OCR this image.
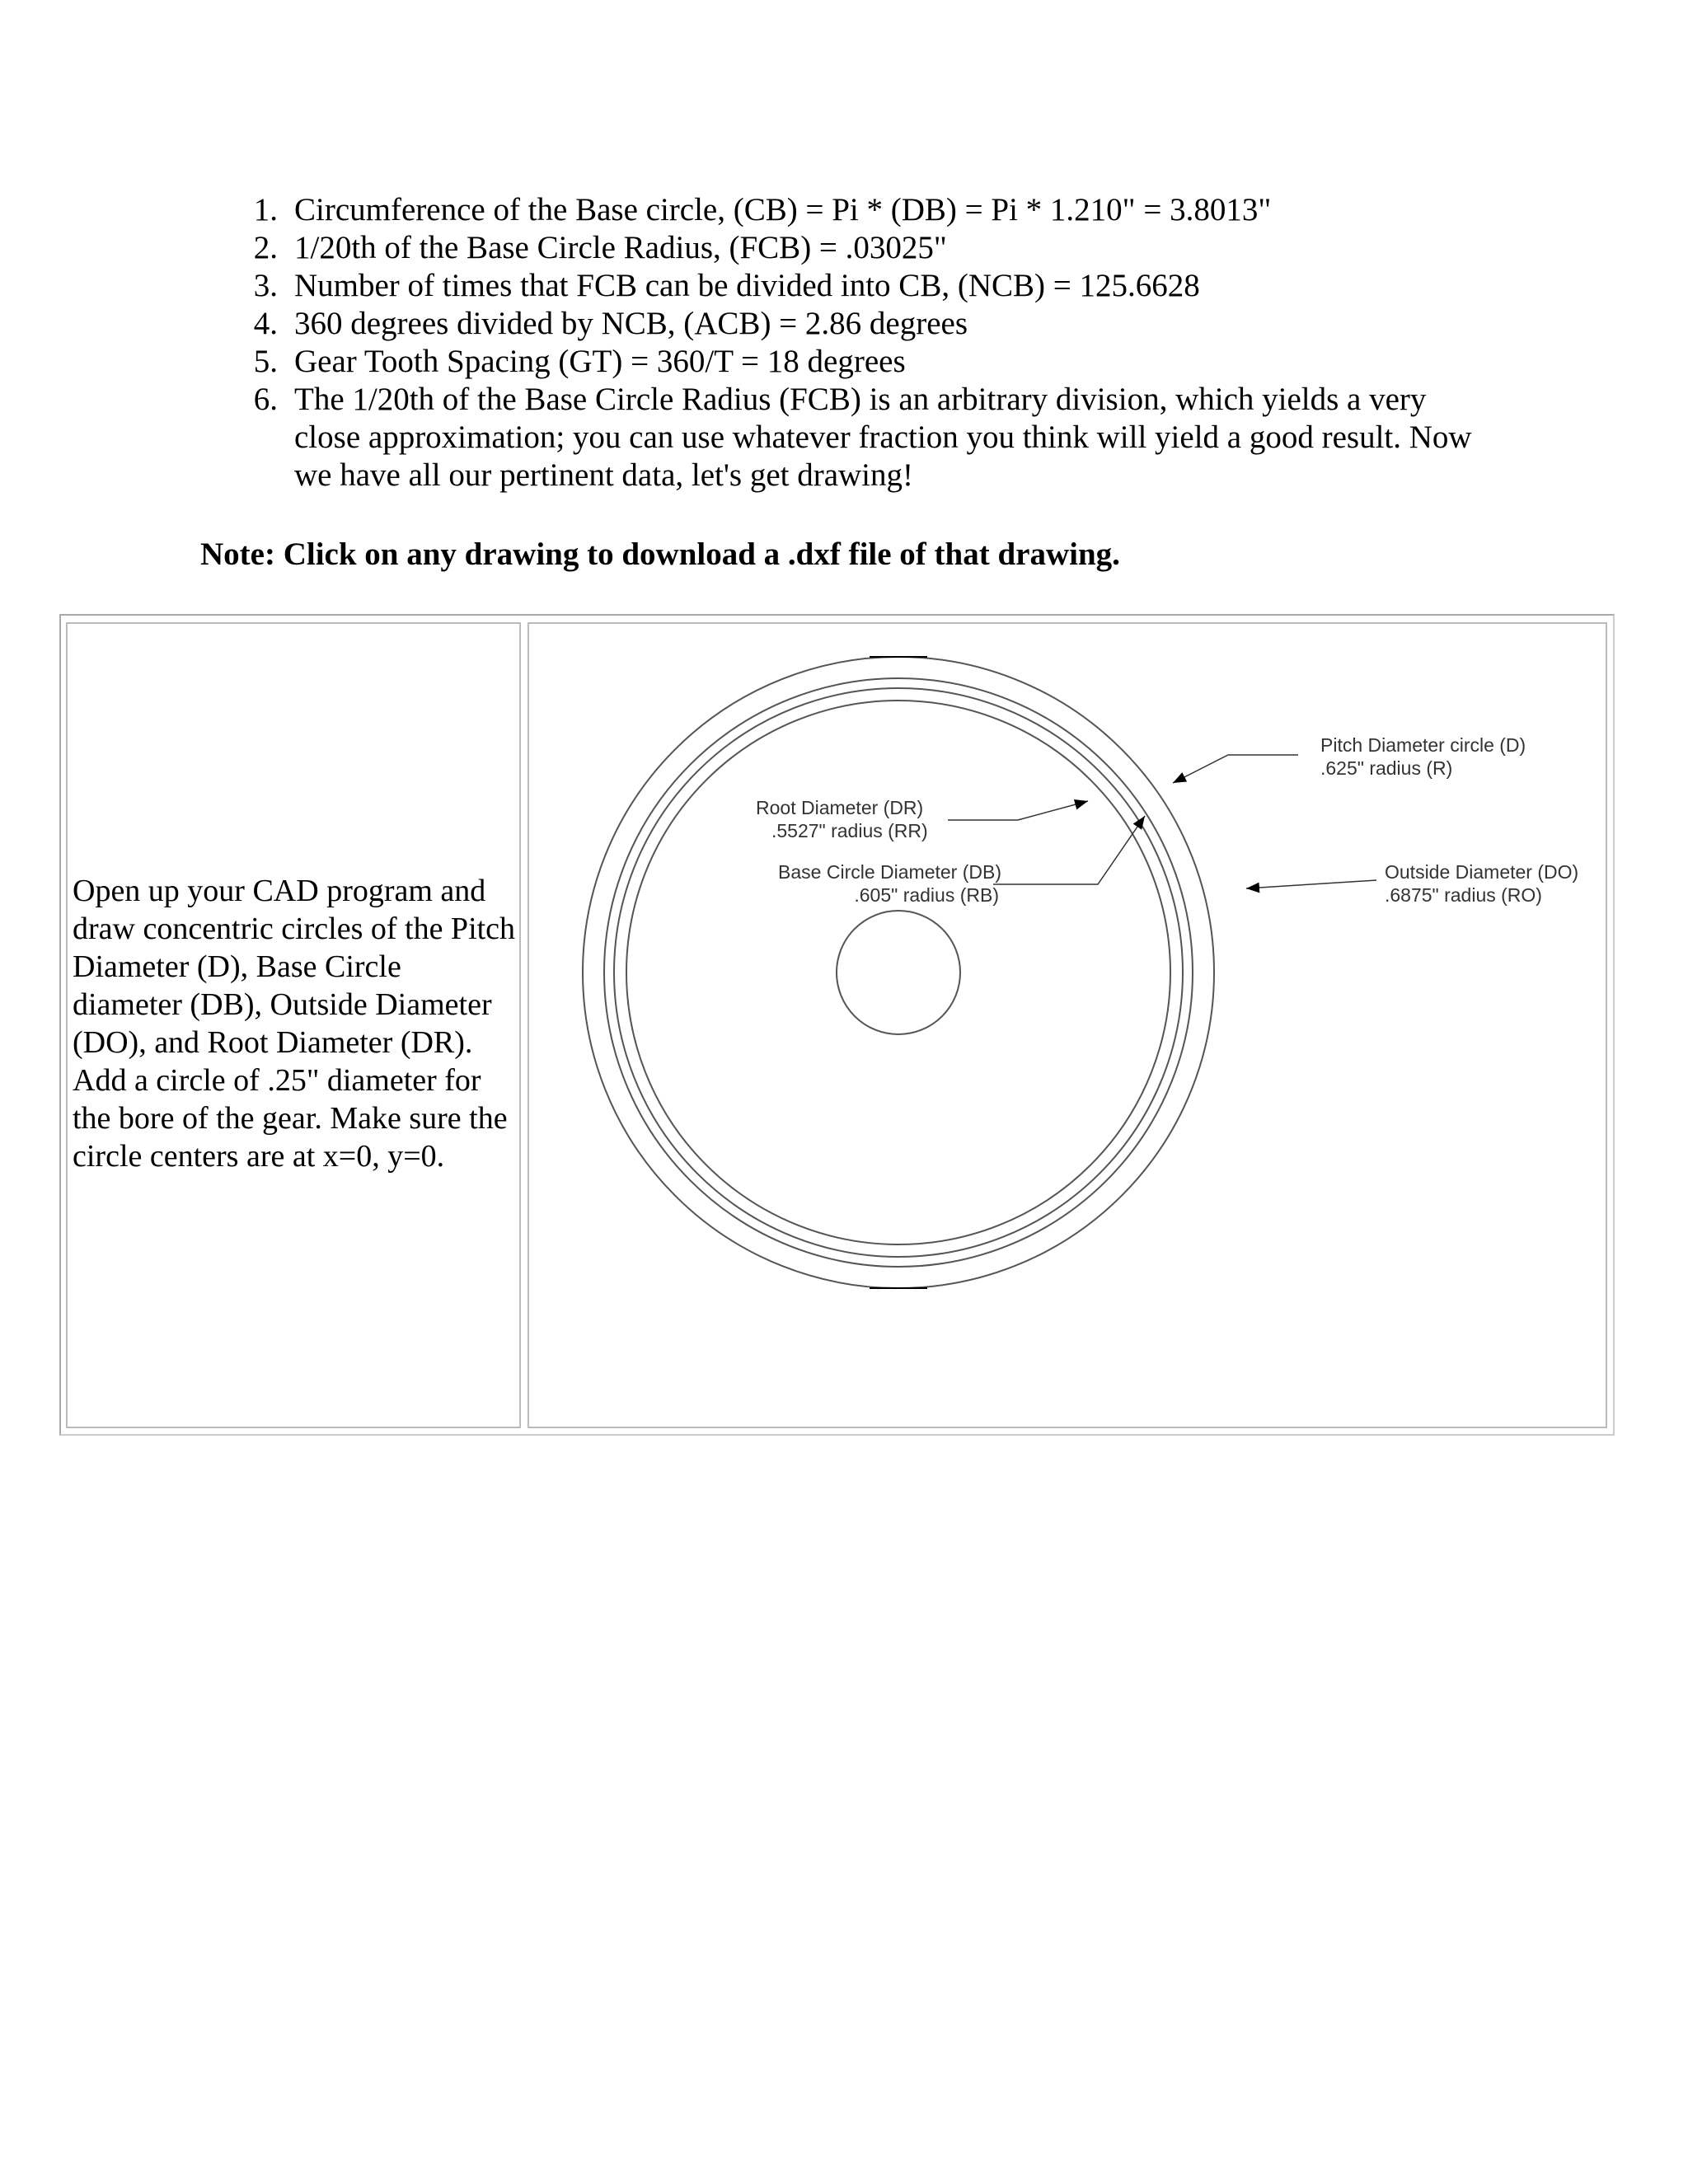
1. Circumference of the Base circle, (CB) = Pi * (DB) = Pi * 1.210" = 3.8013"
2. 1/20th of the Base Circle Radius, (FCB) = .03025"
3. Number of times that FCB can be divided into CB, (NCB) = 125.6628
4. 360 degrees divided by NCB, (ACB) = 2.86 degrees
5. Gear Tooth Spacing (GT) = 360/T = 18 degrees
6. The 1/20th of the Base Circle Radius (FCB) is an arbitrary division, which yields a very close approximation; you can use whatever fraction you think will yield a good result. Now we have all our pertinent data, let's get drawing!

Note: Click on any drawing to download a .dxf file of that drawing.

Open up your CAD program and draw concentric circles of the Pitch Diameter (D), Base Circle diameter (DB), Outside Diameter (DO), and Root Diameter (DR). Add a circle of .25" diameter for the bore of the gear. Make sure the circle centers are at x=0, y=0.

Pitch Diameter circle (D)
.625" radius (R)
Root Diameter (DR)
.5527" radius (RR)
Base Circle Diameter (DB)
.605" radius (RB)
Outside Diameter (DO)
.6875" radius (RO)
